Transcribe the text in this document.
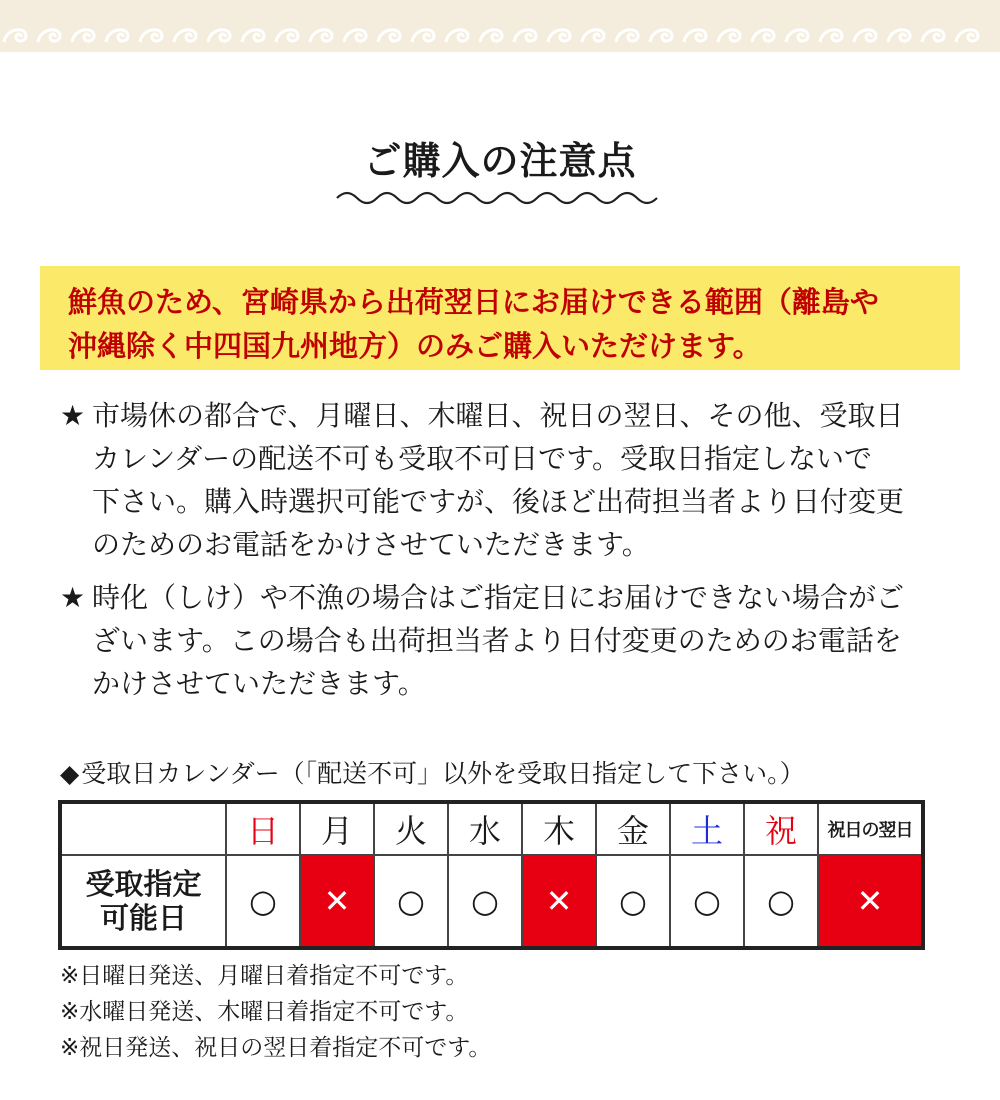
ご購入の注意点
鮮魚のため、宮崎県から出荷翌日にお届けできる範囲（離島や
沖縄除く中四国九州地方）のみご購入いただけます。
★ 市場休の都合で、月曜日、木曜日、祝日の翌日、その他、受取日
カレンダーの配送不可も受取不可日です。受取日指定しないで
下さい。購入時選択可能ですが、後ほど出荷担当者より日付変更
のためのお電話をかけさせていただきます。
★ 時化（しけ）や不漁の場合はご指定日にお届けできない場合がご
ざいます。この場合も出荷担当者より日付変更のためのお電話を
かけさせていただきます。
◆受取日カレンダー（「配送不可」以外を受取日指定して下さい。）
	日	月	火	水	木	金	土	祝	祝日の翌日

受取指定
可能日	○	✕	○	○	✕	○	○	○	✕
※日曜日発送、月曜日着指定不可です。
※水曜日発送、木曜日着指定不可です。
※祝日発送、祝日の翌日着指定不可です。
